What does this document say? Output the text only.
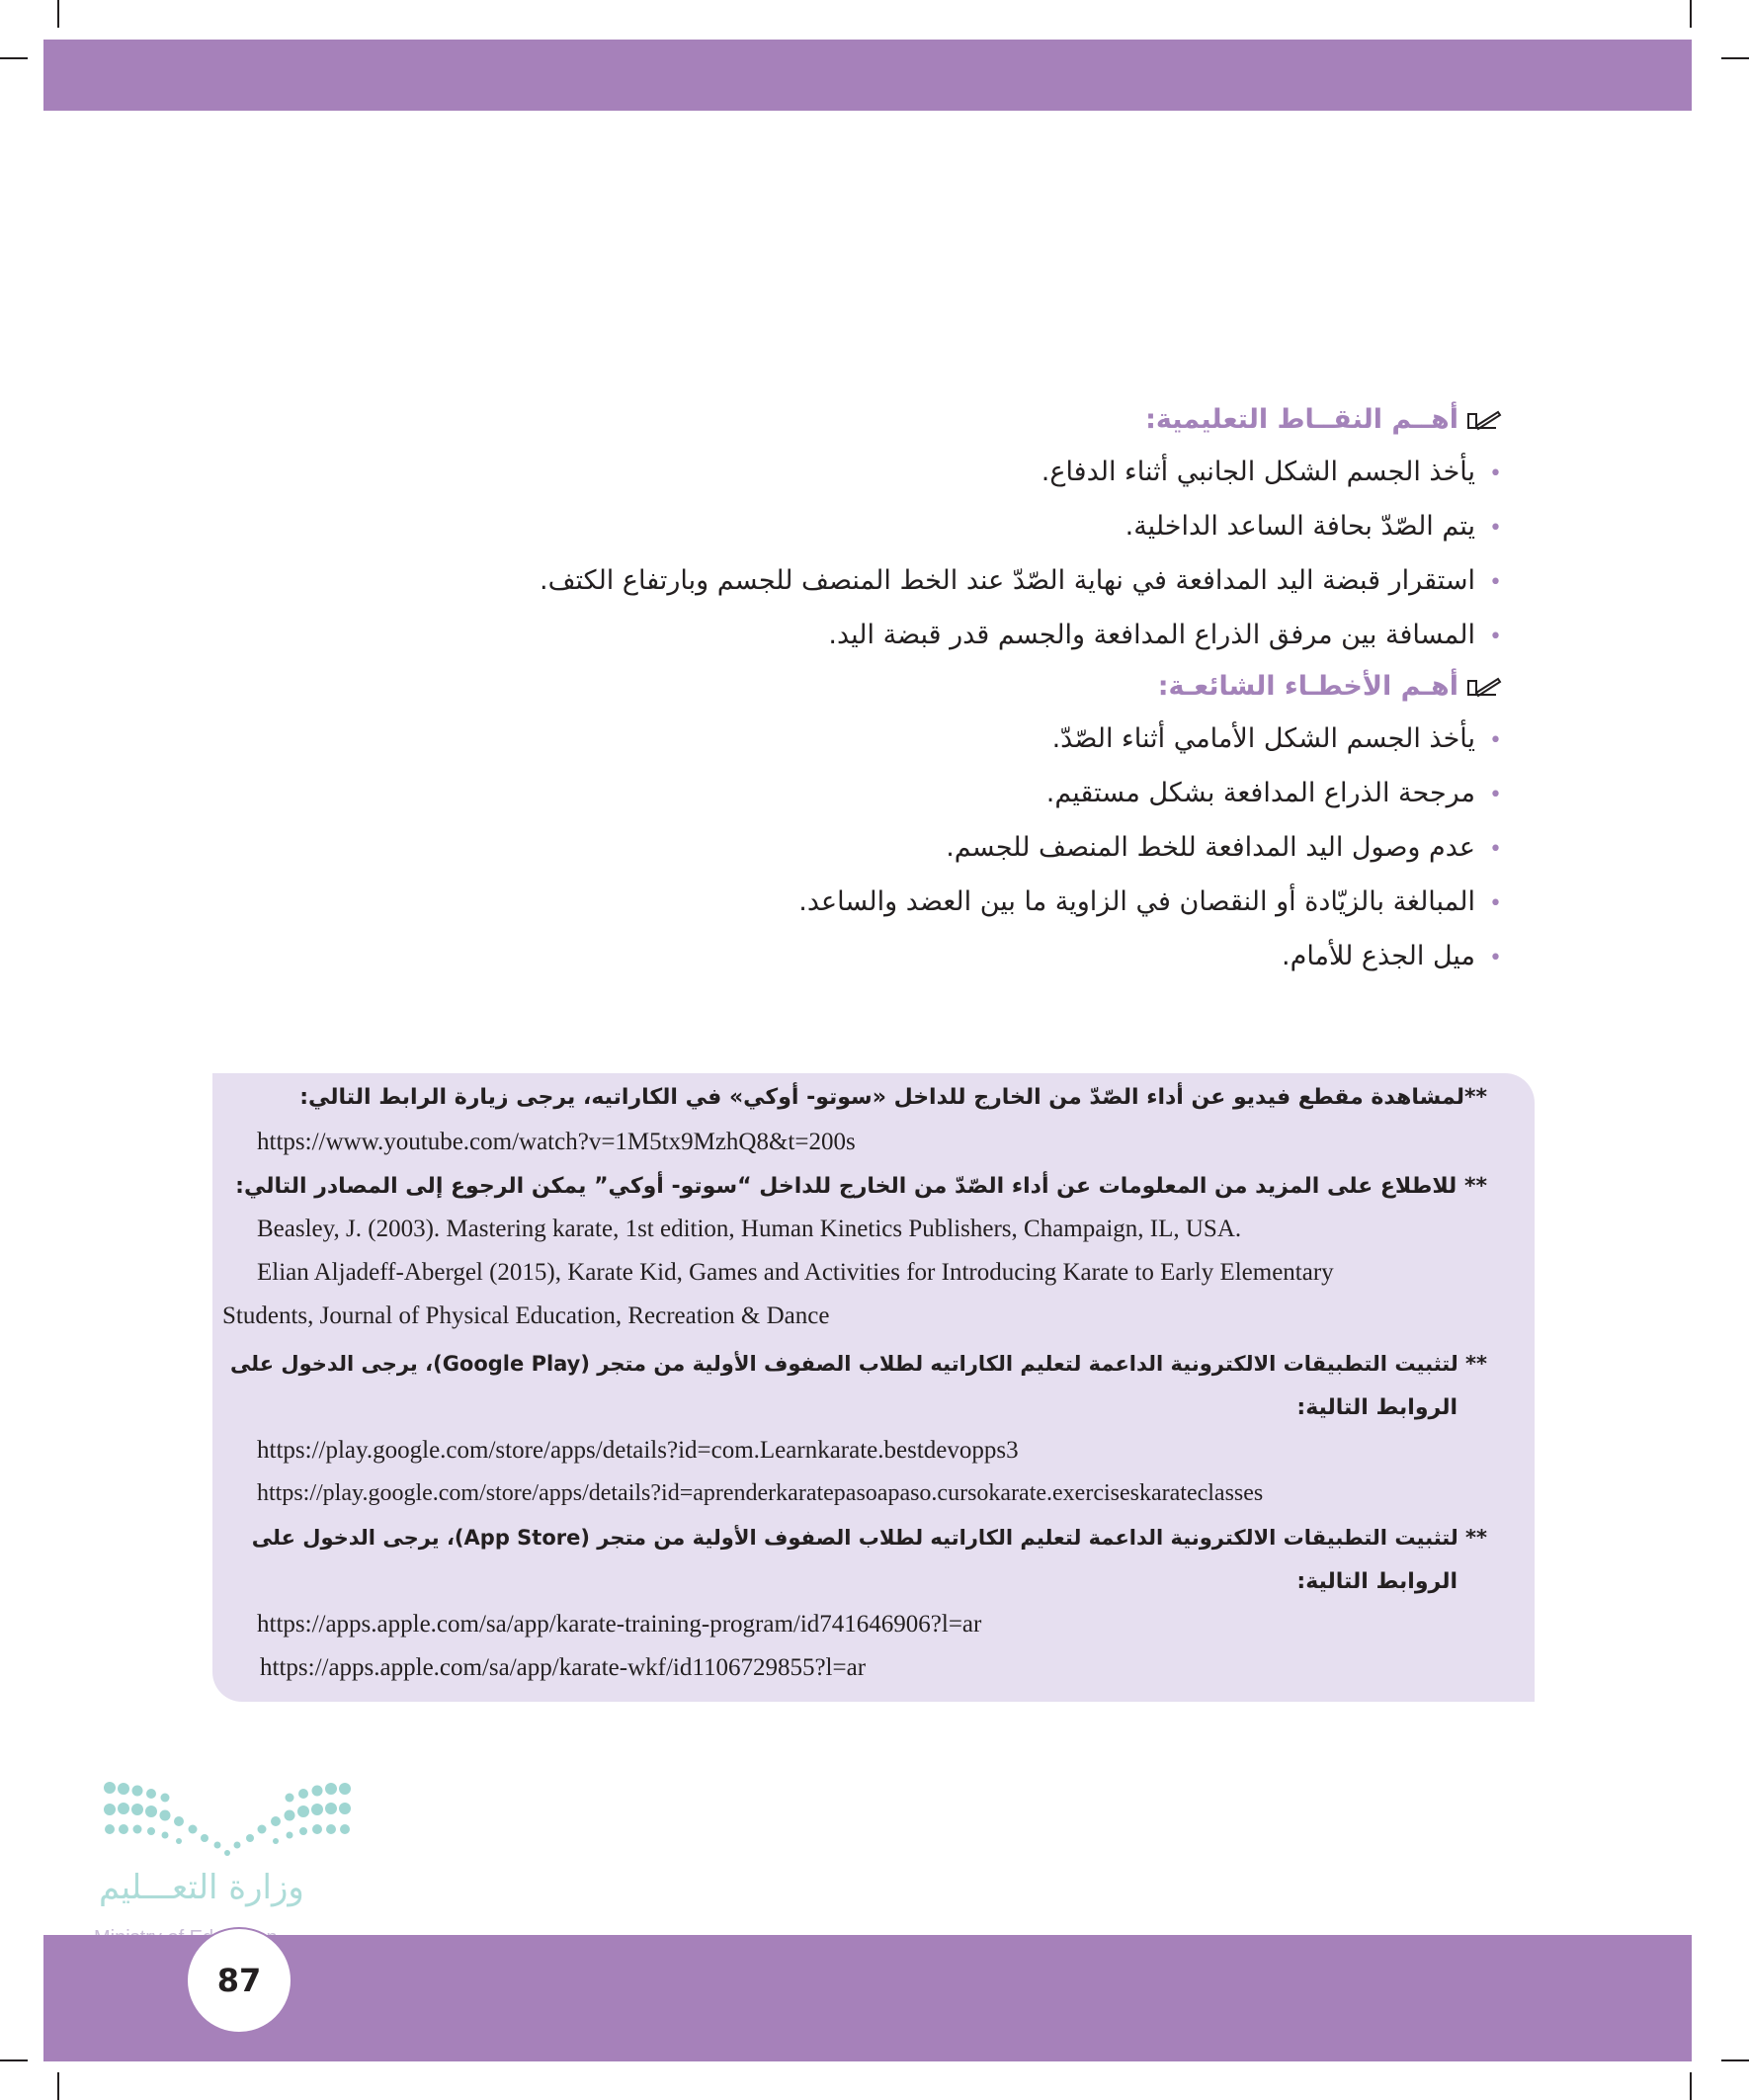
أهــم النقــاط التعليمية:
•يأخذ الجسم الشكل الجانبي أثناء الدفاع.
•يتم الصّدّ بحافة الساعد الداخلية.
•استقرار قبضة اليد المدافعة في نهاية الصّدّ عند الخط المنصف للجسم وبارتفاع الكتف.
•المسافة بين مرفق الذراع المدافعة والجسم قدر قبضة اليد.
أهـم الأخطـاء الشائعـة:
•يأخذ الجسم الشكل الأمامي أثناء الصّدّ.
•مرجحة الذراع المدافعة بشكل مستقيم.
•عدم وصول اليد المدافعة للخط المنصف للجسم.
•المبالغة بالزيّادة أو النقصان في الزاوية ما بين العضد والساعد.
•ميل الجذع للأمام.
**لمشاهدة مقطع فيديو عن أداء الصّدّ من الخارج للداخل «سوتو- أوكي» في الكاراتيه، يرجى زيارة الرابط التالي:
https://www.youtube.com/watch?v=1M5tx9MzhQ8&t=200s
** للاطلاع على المزيد من المعلومات عن أداء الصّدّ من الخارج للداخل “سوتو- أوكي” يمكن الرجوع إلى المصادر التالي:
Beasley, J. (2003). Mastering karate, 1st edition, Human Kinetics Publishers, Champaign, IL, USA.
Elian Aljadeff-Abergel (2015), Karate Kid, Games and Activities for Introducing Karate to Early Elementary
Students, Journal of Physical Education, Recreation & Dance
** لتثبيت التطبيقات الالكترونية الداعمة لتعليم الكاراتيه لطلاب الصفوف الأولية من متجر (Google Play)، يرجى الدخول على
الروابط التالية:
https://play.google.com/store/apps/details?id=com.Learnkarate.bestdevopps3
https://play.google.com/store/apps/details?id=aprenderkaratepasoapaso.cursokarate.exerciseskarateclasses
** لتثبيت التطبيقات الالكترونية الداعمة لتعليم الكاراتيه لطلاب الصفوف الأولية من متجر (App Store)، يرجى الدخول على
الروابط التالية:
https://apps.apple.com/sa/app/karate-training-program/id741646906?l=ar
https://apps.apple.com/sa/app/karate-wkf/id1106729855?l=ar
وزارة التعـــليم
87
